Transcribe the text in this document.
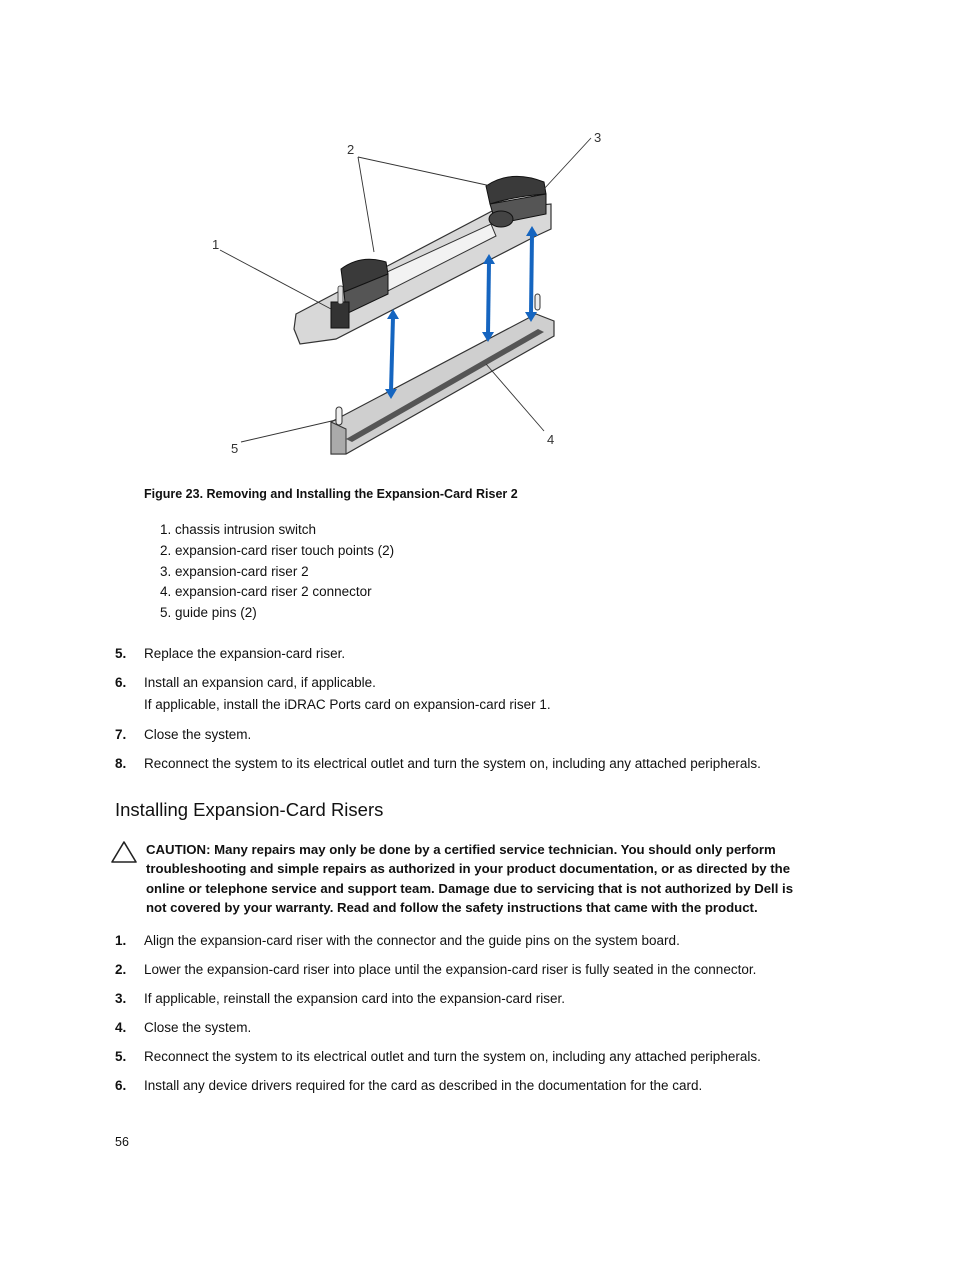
1
2
3
4
5
Figure 23. Removing and Installing the Expansion-Card Riser 2
1. chassis intrusion switch
2. expansion-card riser touch points (2)
3. expansion-card riser 2
4. expansion-card riser 2 connector
5. guide pins (2)
5. Replace the expansion-card riser.
6. Install an expansion card, if applicable.
If applicable, install the iDRAC Ports card on expansion-card riser 1.
7. Close the system.
8. Reconnect the system to its electrical outlet and turn the system on, including any attached peripherals.
Installing Expansion-Card Risers
CAUTION: Many repairs may only be done by a certified service technician. You should only perform troubleshooting and simple repairs as authorized in your product documentation, or as directed by the online or telephone service and support team. Damage due to servicing that is not authorized by Dell is not covered by your warranty. Read and follow the safety instructions that came with the product.
1. Align the expansion-card riser with the connector and the guide pins on the system board.
2. Lower the expansion-card riser into place until the expansion-card riser is fully seated in the connector.
3. If applicable, reinstall the expansion card into the expansion-card riser.
4. Close the system.
5. Reconnect the system to its electrical outlet and turn the system on, including any attached peripherals.
6. Install any device drivers required for the card as described in the documentation for the card.
56
